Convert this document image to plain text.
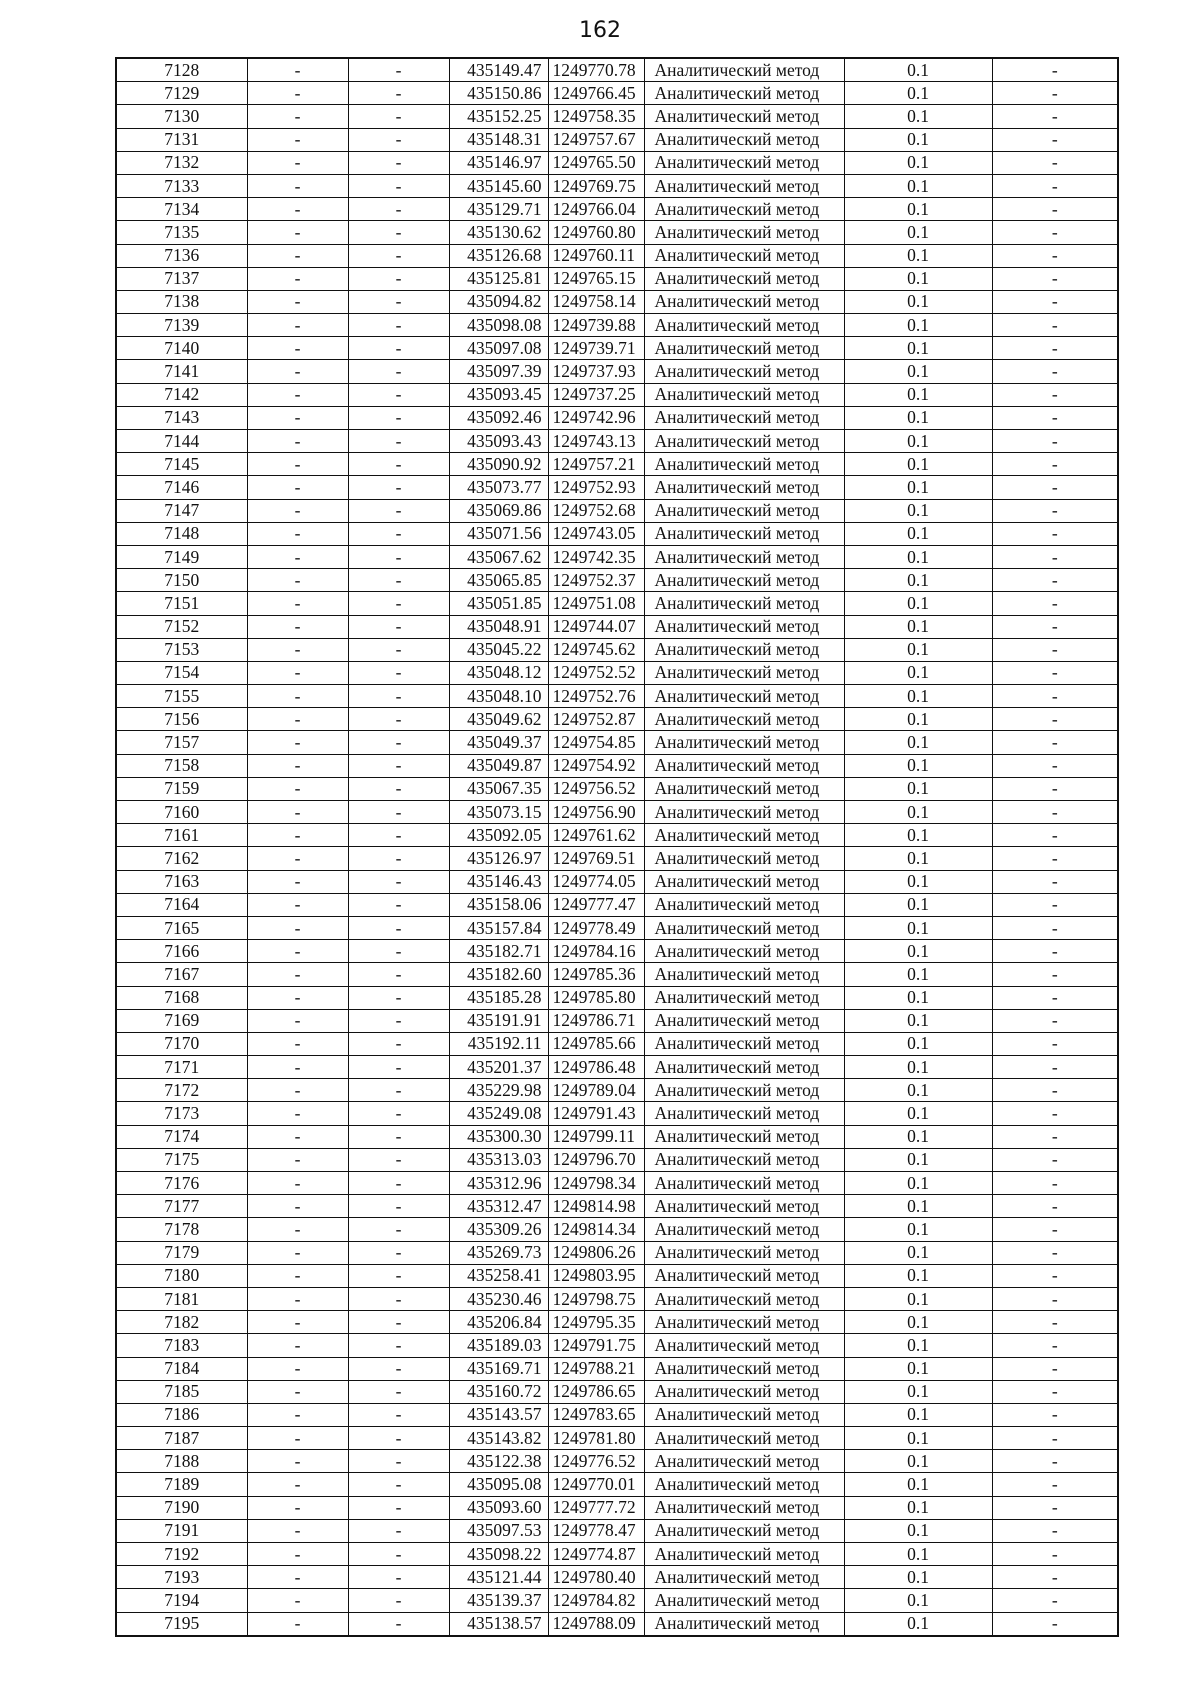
162
7128	-	-	435149.47	1249770.78	Аналитический метод	0.1	-
7129	-	-	435150.86	1249766.45	Аналитический метод	0.1	-
7130	-	-	435152.25	1249758.35	Аналитический метод	0.1	-
7131	-	-	435148.31	1249757.67	Аналитический метод	0.1	-
7132	-	-	435146.97	1249765.50	Аналитический метод	0.1	-
7133	-	-	435145.60	1249769.75	Аналитический метод	0.1	-
7134	-	-	435129.71	1249766.04	Аналитический метод	0.1	-
7135	-	-	435130.62	1249760.80	Аналитический метод	0.1	-
7136	-	-	435126.68	1249760.11	Аналитический метод	0.1	-
7137	-	-	435125.81	1249765.15	Аналитический метод	0.1	-
7138	-	-	435094.82	1249758.14	Аналитический метод	0.1	-
7139	-	-	435098.08	1249739.88	Аналитический метод	0.1	-
7140	-	-	435097.08	1249739.71	Аналитический метод	0.1	-
7141	-	-	435097.39	1249737.93	Аналитический метод	0.1	-
7142	-	-	435093.45	1249737.25	Аналитический метод	0.1	-
7143	-	-	435092.46	1249742.96	Аналитический метод	0.1	-
7144	-	-	435093.43	1249743.13	Аналитический метод	0.1	-
7145	-	-	435090.92	1249757.21	Аналитический метод	0.1	-
7146	-	-	435073.77	1249752.93	Аналитический метод	0.1	-
7147	-	-	435069.86	1249752.68	Аналитический метод	0.1	-
7148	-	-	435071.56	1249743.05	Аналитический метод	0.1	-
7149	-	-	435067.62	1249742.35	Аналитический метод	0.1	-
7150	-	-	435065.85	1249752.37	Аналитический метод	0.1	-
7151	-	-	435051.85	1249751.08	Аналитический метод	0.1	-
7152	-	-	435048.91	1249744.07	Аналитический метод	0.1	-
7153	-	-	435045.22	1249745.62	Аналитический метод	0.1	-
7154	-	-	435048.12	1249752.52	Аналитический метод	0.1	-
7155	-	-	435048.10	1249752.76	Аналитический метод	0.1	-
7156	-	-	435049.62	1249752.87	Аналитический метод	0.1	-
7157	-	-	435049.37	1249754.85	Аналитический метод	0.1	-
7158	-	-	435049.87	1249754.92	Аналитический метод	0.1	-
7159	-	-	435067.35	1249756.52	Аналитический метод	0.1	-
7160	-	-	435073.15	1249756.90	Аналитический метод	0.1	-
7161	-	-	435092.05	1249761.62	Аналитический метод	0.1	-
7162	-	-	435126.97	1249769.51	Аналитический метод	0.1	-
7163	-	-	435146.43	1249774.05	Аналитический метод	0.1	-
7164	-	-	435158.06	1249777.47	Аналитический метод	0.1	-
7165	-	-	435157.84	1249778.49	Аналитический метод	0.1	-
7166	-	-	435182.71	1249784.16	Аналитический метод	0.1	-
7167	-	-	435182.60	1249785.36	Аналитический метод	0.1	-
7168	-	-	435185.28	1249785.80	Аналитический метод	0.1	-
7169	-	-	435191.91	1249786.71	Аналитический метод	0.1	-
7170	-	-	435192.11	1249785.66	Аналитический метод	0.1	-
7171	-	-	435201.37	1249786.48	Аналитический метод	0.1	-
7172	-	-	435229.98	1249789.04	Аналитический метод	0.1	-
7173	-	-	435249.08	1249791.43	Аналитический метод	0.1	-
7174	-	-	435300.30	1249799.11	Аналитический метод	0.1	-
7175	-	-	435313.03	1249796.70	Аналитический метод	0.1	-
7176	-	-	435312.96	1249798.34	Аналитический метод	0.1	-
7177	-	-	435312.47	1249814.98	Аналитический метод	0.1	-
7178	-	-	435309.26	1249814.34	Аналитический метод	0.1	-
7179	-	-	435269.73	1249806.26	Аналитический метод	0.1	-
7180	-	-	435258.41	1249803.95	Аналитический метод	0.1	-
7181	-	-	435230.46	1249798.75	Аналитический метод	0.1	-
7182	-	-	435206.84	1249795.35	Аналитический метод	0.1	-
7183	-	-	435189.03	1249791.75	Аналитический метод	0.1	-
7184	-	-	435169.71	1249788.21	Аналитический метод	0.1	-
7185	-	-	435160.72	1249786.65	Аналитический метод	0.1	-
7186	-	-	435143.57	1249783.65	Аналитический метод	0.1	-
7187	-	-	435143.82	1249781.80	Аналитический метод	0.1	-
7188	-	-	435122.38	1249776.52	Аналитический метод	0.1	-
7189	-	-	435095.08	1249770.01	Аналитический метод	0.1	-
7190	-	-	435093.60	1249777.72	Аналитический метод	0.1	-
7191	-	-	435097.53	1249778.47	Аналитический метод	0.1	-
7192	-	-	435098.22	1249774.87	Аналитический метод	0.1	-
7193	-	-	435121.44	1249780.40	Аналитический метод	0.1	-
7194	-	-	435139.37	1249784.82	Аналитический метод	0.1	-
7195	-	-	435138.57	1249788.09	Аналитический метод	0.1	-
